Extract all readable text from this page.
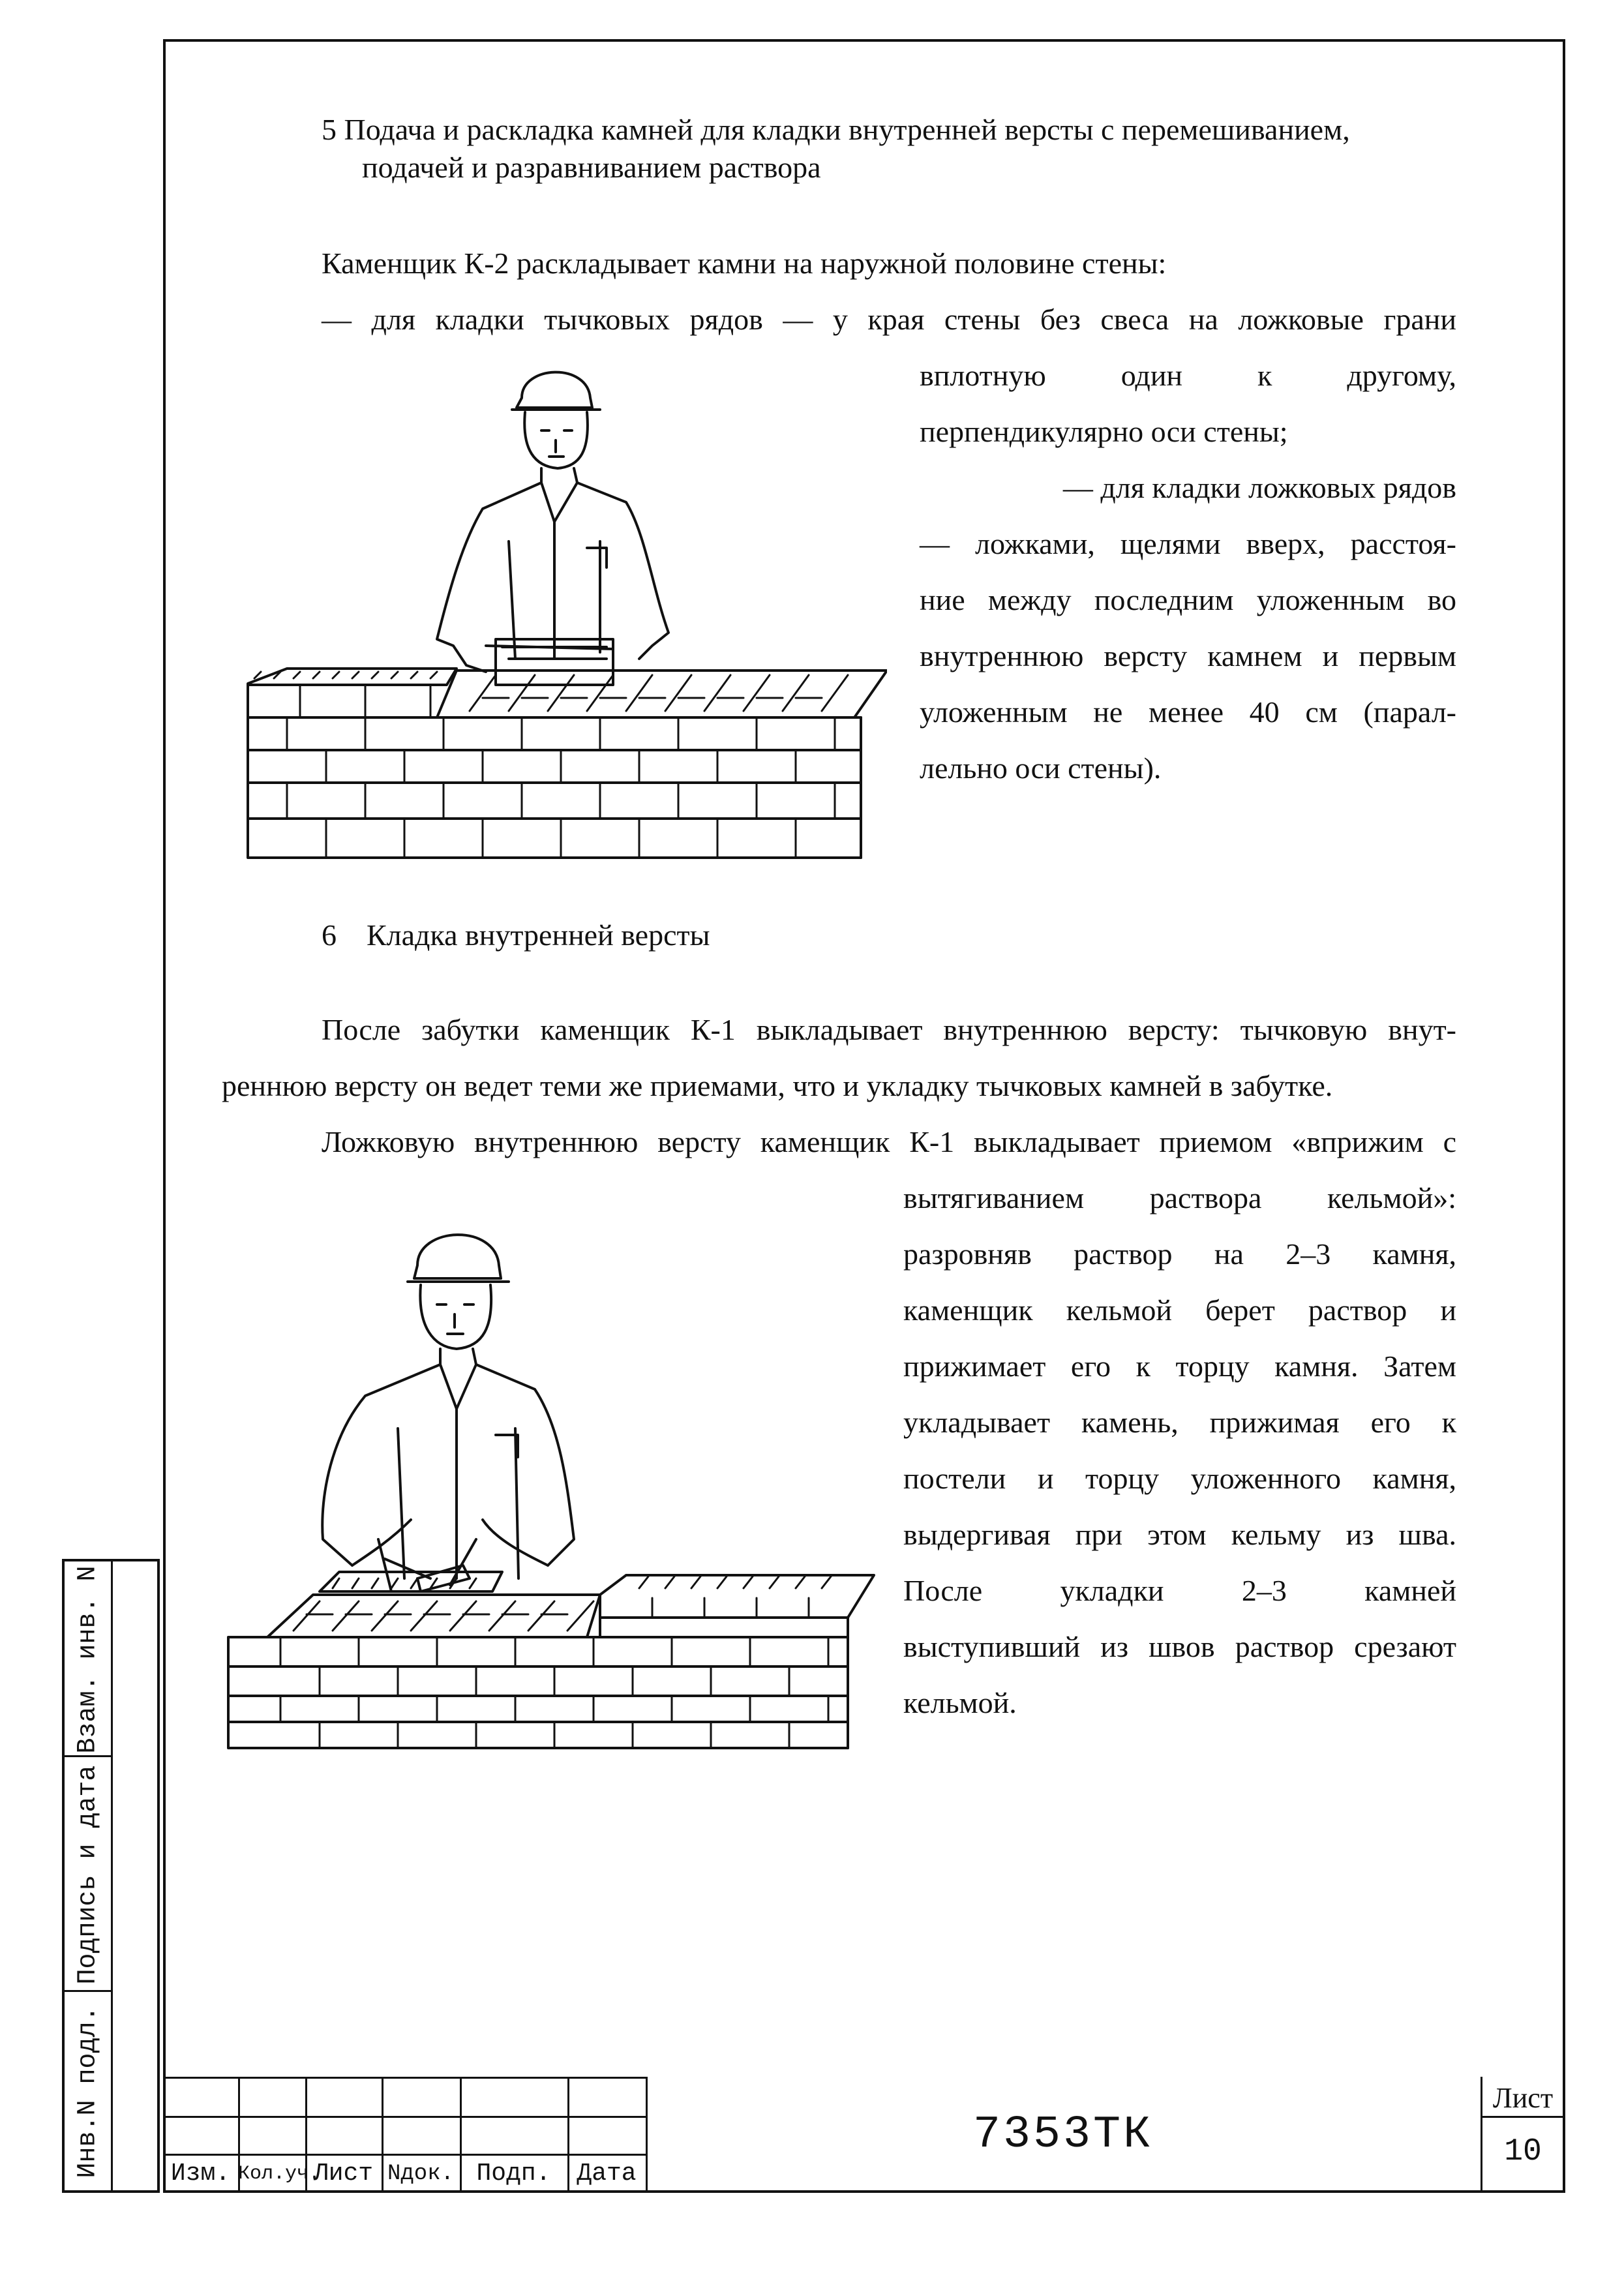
5 Подача и раскладка камней для кладки внутренней версты с перемешиванием,
подачей и разравниванием раствора
Каменщик К-2 раскладывает камни на наружной половине стены:
— для кладки тычковых рядов — у края стены без свеса на ложковые грани
вплотную один к другому,
перпендикулярно оси стены;
— для кладки ложковых рядов
— ложками, щелями вверх, расстоя-
ние между последним уложенным во
внутреннюю версту камнем и первым
уложенным не менее 40 см (парал-
лельно оси стены).
6    Кладка внутренней версты
После забутки каменщик К-1 выкладывает внутреннюю версту: тычковую внут-
реннюю версту он ведет теми же приемами, что и укладку тычковых камней в забутке.
Ложковую внутреннюю версту каменщик К-1 выкладывает приемом «вприжим с
вытягиванием раствора кельмой»:
разровняв раствор на 2–3 камня,
каменщик кельмой берет раствор и
прижимает его к торцу камня. Затем
укладывает камень, прижимая его к
постели и торцу уложенного камня,
выдергивая при этом кельму из шва.
После укладки 2–3 камней
выступивший из швов раствор срезают
кельмой.
Взам. инв. N
Подпись и дата
Инв.N подл.	Изм. Кол.уч.
Лист Nдок. Подп.	Дата
7353ТК
Лист
10
